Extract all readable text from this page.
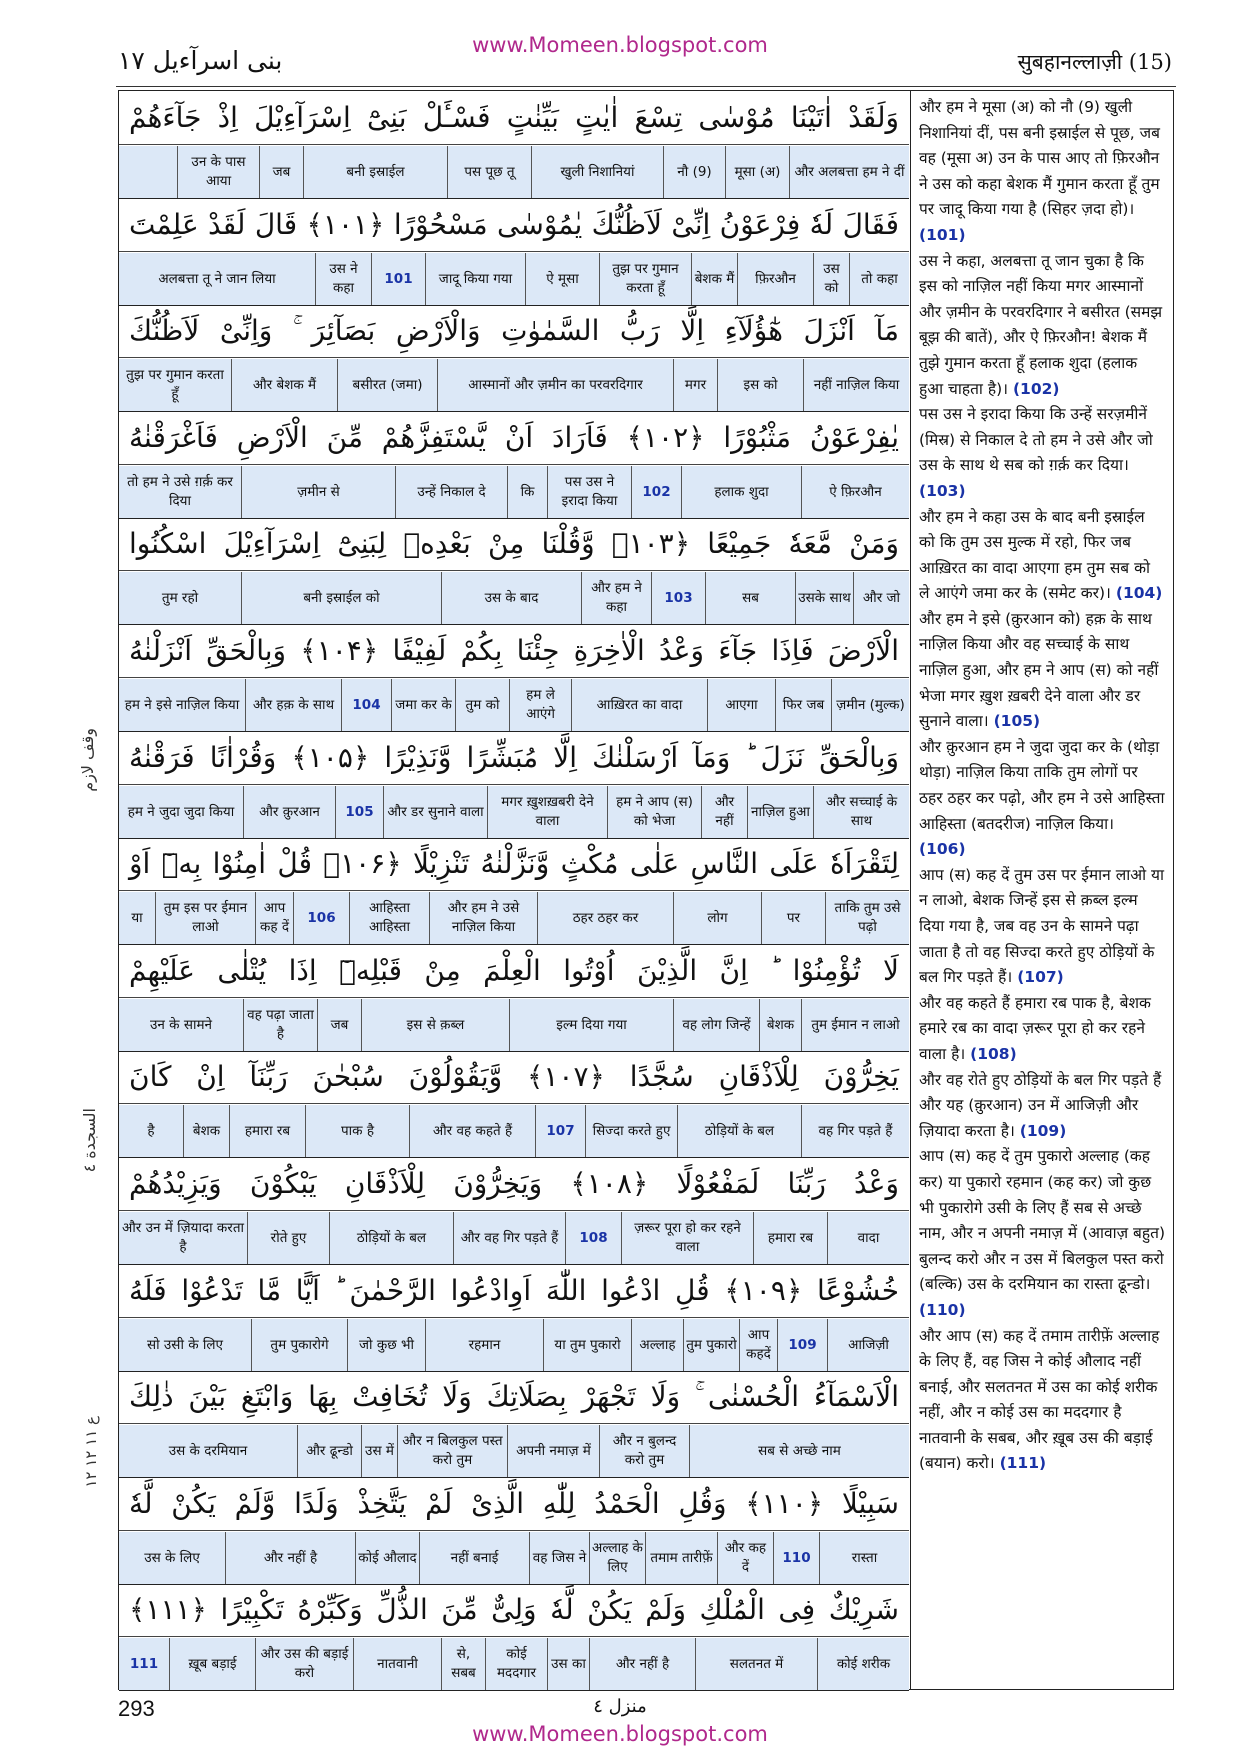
www.Momeen.blogspot.com
بنی اسرآءیل ۱۷	सुबहानल्लाज़ी (15)
وَلَقَدْ اٰتَيْنَا مُوْسٰى تِسْعَ اٰيٰتٍ بَيِّنٰتٍ فَسْـَٔلْ بَنِیْٓ اِسْرَآءِيْلَ اِذْ جَآءَهُمْ
और अलबत्ता हम ने दीं
मूसा (अ)
नौ (9)
खुली निशानियां
पस पूछ तू
बनी इस्राईल
जब
उन के पास आया
فَقَالَ لَهٗ فِرْعَوْنُ اِنِّیْ لَاَظُنُّكَ يٰمُوْسٰى مَسْحُوْرًا ﴿۱۰۱﴾ قَالَ لَقَدْ عَلِمْتَ
तो कहा
उस को
फ़िरऔन
बेशक मैं
तुझ पर गुमान करता हूँ
ऐ मूसा
जादू किया गया
101
उस ने कहा
अलबत्ता तू ने जान लिया
مَآ اَنْزَلَ هٰٓؤُلَآءِ اِلَّا رَبُّ السَّمٰوٰتِ وَالْاَرْضِ بَصَآئِرَ ۚ وَاِنِّیْ لَاَظُنُّكَ
नहीं नाज़िल किया
इस को
मगर
आस्मानों और ज़मीन का परवरदिगार
बसीरत (जमा)
और बेशक मैं
तुझ पर गुमान करता हूँ
يٰفِرْعَوْنُ مَثْبُوْرًا ﴿۱۰۲﴾ فَاَرَادَ اَنْ يَّسْتَفِزَّهُمْ مِّنَ الْاَرْضِ فَاَغْرَقْنٰهُ
ऐ फ़िरऔन
हलाक शुदा
102
पस उस ने इरादा किया
कि
उन्हें निकाल दे
ज़मीन से
तो हम ने उसे ग़र्क़ कर दिया
وَمَنْ مَّعَهٗ جَمِيْعًا ﴿۱۰۳﴾ وَّقُلْنَا مِنْ بَعْدِهٖ لِبَنِیْٓ اِسْرَآءِيْلَ اسْكُنُوا
और जो
उसके साथ
सब
103
और हम ने कहा
उस के बाद
बनी इस्राईल को
तुम रहो
الْاَرْضَ فَاِذَا جَآءَ وَعْدُ الْاٰخِرَةِ جِئْنَا بِكُمْ لَفِيْفًا ﴿۱۰۴﴾ وَبِالْحَقِّ اَنْزَلْنٰهُ
ज़मीन (मुल्क)
फिर जब
आएगा
आख़िरत का वादा
हम ले आएंगे
तुम को
जमा कर के
104
और हक़ के साथ
हम ने इसे नाज़िल किया
وَبِالْحَقِّ نَزَلَ ؕ وَمَآ اَرْسَلْنٰكَ اِلَّا مُبَشِّرًا وَّنَذِيْرًا ﴿۱۰۵﴾ وَقُرْاٰنًا فَرَقْنٰهُ
और सच्चाई के साथ
नाज़िल हुआ
और नहीं
हम ने आप (स) को भेजा
मगर ख़ुशख़बरी देने वाला
और डर सुनाने वाला
105
और क़ुरआन
हम ने जुदा जुदा किया
لِتَقْرَاَهٗ عَلَى النَّاسِ عَلٰى مُكْثٍ وَّنَزَّلْنٰهُ تَنْزِيْلًا ﴿۱۰۶﴾ قُلْ اٰمِنُوْا بِهٖٓ اَوْ
ताकि तुम उसे पढ़ो
पर
लोग
ठहर ठहर कर
और हम ने उसे नाज़िल किया
आहिस्ता आहिस्ता
106
आप कह दें
तुम इस पर ईमान लाओ
या
لَا تُؤْمِنُوْا ؕ اِنَّ الَّذِيْنَ اُوْتُوا الْعِلْمَ مِنْ قَبْلِهٖٓ اِذَا يُتْلٰى عَلَيْهِمْ
तुम ईमान न लाओ
बेशक
वह लोग जिन्हें
इल्म दिया गया
इस से क़ब्ल
जब
वह पढ़ा जाता है
उन के सामने
يَخِرُّوْنَ لِلْاَذْقَانِ سُجَّدًا ﴿۱۰۷﴾ وَّيَقُوْلُوْنَ سُبْحٰنَ رَبِّنَآ اِنْ كَانَ
वह गिर पड़ते हैं
ठोड़ियों के बल
सिज्दा करते हुए
107
और वह कहते हैं
पाक है
हमारा रब
बेशक
है
وَعْدُ رَبِّنَا لَمَفْعُوْلًا ﴿۱۰۸﴾ وَيَخِرُّوْنَ لِلْاَذْقَانِ يَبْكُوْنَ وَيَزِيْدُهُمْ
वादा
हमारा रब
ज़रूर पूरा हो कर रहने वाला
108
और वह गिर पड़ते हैं
ठोड़ियों के बल
रोते हुए
और उन में ज़ियादा करता है
خُشُوْعًا ﴿۱۰۹﴾ قُلِ ادْعُوا اللّٰهَ اَوِادْعُوا الرَّحْمٰنَ ؕ اَيًّا مَّا تَدْعُوْا فَلَهُ
आजिज़ी
109
आप कहदें
तुम पुकारो
अल्लाह
या तुम पुकारो
रहमान
जो कुछ भी
तुम पुकारोगे
सो उसी के लिए
الْاَسْمَآءُ الْحُسْنٰى ۚ وَلَا تَجْهَرْ بِصَلَاتِكَ وَلَا تُخَافِتْ بِهَا وَابْتَغِ بَيْنَ ذٰلِكَ
सब से अच्छे नाम
और न बुलन्द करो तुम
अपनी नमाज़ में
और न बिलकुल पस्त करो तुम
उस में
और ढून्डो
उस के दरमियान
سَبِيْلًا ﴿۱۱۰﴾ وَقُلِ الْحَمْدُ لِلّٰهِ الَّذِیْ لَمْ يَتَّخِذْ وَلَدًا وَّلَمْ يَكُنْ لَّهٗ
रास्ता
110
और कह दें
तमाम तारीफ़ें
अल्लाह के लिए
वह जिस ने
नहीं बनाई
कोई औलाद
और नहीं है
उस के लिए
شَرِيْكٌ فِی الْمُلْكِ وَلَمْ يَكُنْ لَّهٗ وَلِیٌّ مِّنَ الذُّلِّ وَكَبِّرْهُ تَكْبِيْرًا ﴿۱۱۱﴾
कोई शरीक
सलतनत में
और नहीं है
उस का
कोई मददगार
से, सबब
नातवानी
और उस की बड़ाई करो
ख़ूब बड़ाई
111

और हम ने मूसा (अ) को नौ (9) खुली निशानियां दीं, पस बनी इस्राईल से पूछ, जब वह (मूसा अ) उन के पास आए तो फ़िरऔन ने उस को कहा बेशक मैं गुमान करता हूँ तुम पर जादू किया गया है (सिहर ज़दा हो)। (101)

उस ने कहा, अलबत्ता तू जान चुका है कि इस को नाज़िल नहीं किया मगर आस्मानों और ज़मीन के परवरदिगार ने बसीरत (समझ बूझ की बातें), और ऐ फ़िरऔन! बेशक मैं तुझे गुमान करता हूँ हलाक शुदा (हलाक हुआ चाहता है)। (102)

पस उस ने इरादा किया कि उन्हें सरज़मीनें (मिस्र) से निकाल दे तो हम ने उसे और जो उस के साथ थे सब को ग़र्क़ कर दिया। (103)

और हम ने कहा उस के बाद बनी इस्राईल को कि तुम उस मुल्क में रहो, फिर जब आख़िरत का वादा आएगा हम तुम सब को ले आएंगे जमा कर के (समेट कर)। (104)

और हम ने इसे (क़ुरआन को) हक़ के साथ नाज़िल किया और वह सच्चाई के साथ नाज़िल हुआ, और हम ने आप (स) को नहीं भेजा मगर ख़ुश ख़बरी देने वाला और डर सुनाने वाला। (105)

और क़ुरआन हम ने जुदा जुदा कर के (थोड़ा थोड़ा) नाज़िल किया ताकि तुम लोगों पर ठहर ठहर कर पढ़ो, और हम ने उसे आहिस्ता आहिस्ता (बतदरीज) नाज़िल किया। (106)

आप (स) कह दें तुम उस पर ईमान लाओ या न लाओ, बेशक जिन्हें इस से क़ब्ल इल्म दिया गया है, जब वह उन के सामने पढ़ा जाता है तो वह सिज्दा करते हुए ठोड़ियों के बल गिर पड़ते हैं। (107)

और वह कहते हैं हमारा रब पाक है, बेशक हमारे रब का वादा ज़रूर पूरा हो कर रहने वाला है। (108)

और वह रोते हुए ठोड़ियों के बल गिर पड़ते हैं और यह (क़ुरआन) उन में आजिज़ी और ज़ियादा करता है। (109)

आप (स) कह दें तुम पुकारो अल्लाह (कह कर) या पुकारो रहमान (कह कर) जो कुछ भी पुकारोगे उसी के लिए हैं सब से अच्छे नाम, और न अपनी नमाज़ में (आवाज़ बहुत) बुलन्द करो और न उस में बिलकुल पस्त करो (बल्कि) उस के दरमियान का रास्ता ढून्डो। (110)

और आप (स) कह दें तमाम तारीफ़ें अल्लाह के लिए हैं, वह जिस ने कोई औलाद नहीं बनाई, और सलतनत में उस का कोई शरीक नहीं, और न कोई उस का मददगार है नातवानी के सबब, और ख़ूब उस की बड़ाई (बयान) करो। (111)

وقف لازم
السجدة ٤
ع ١١ ١٢ ١٢
293	منزل ٤
www.Momeen.blogspot.com
